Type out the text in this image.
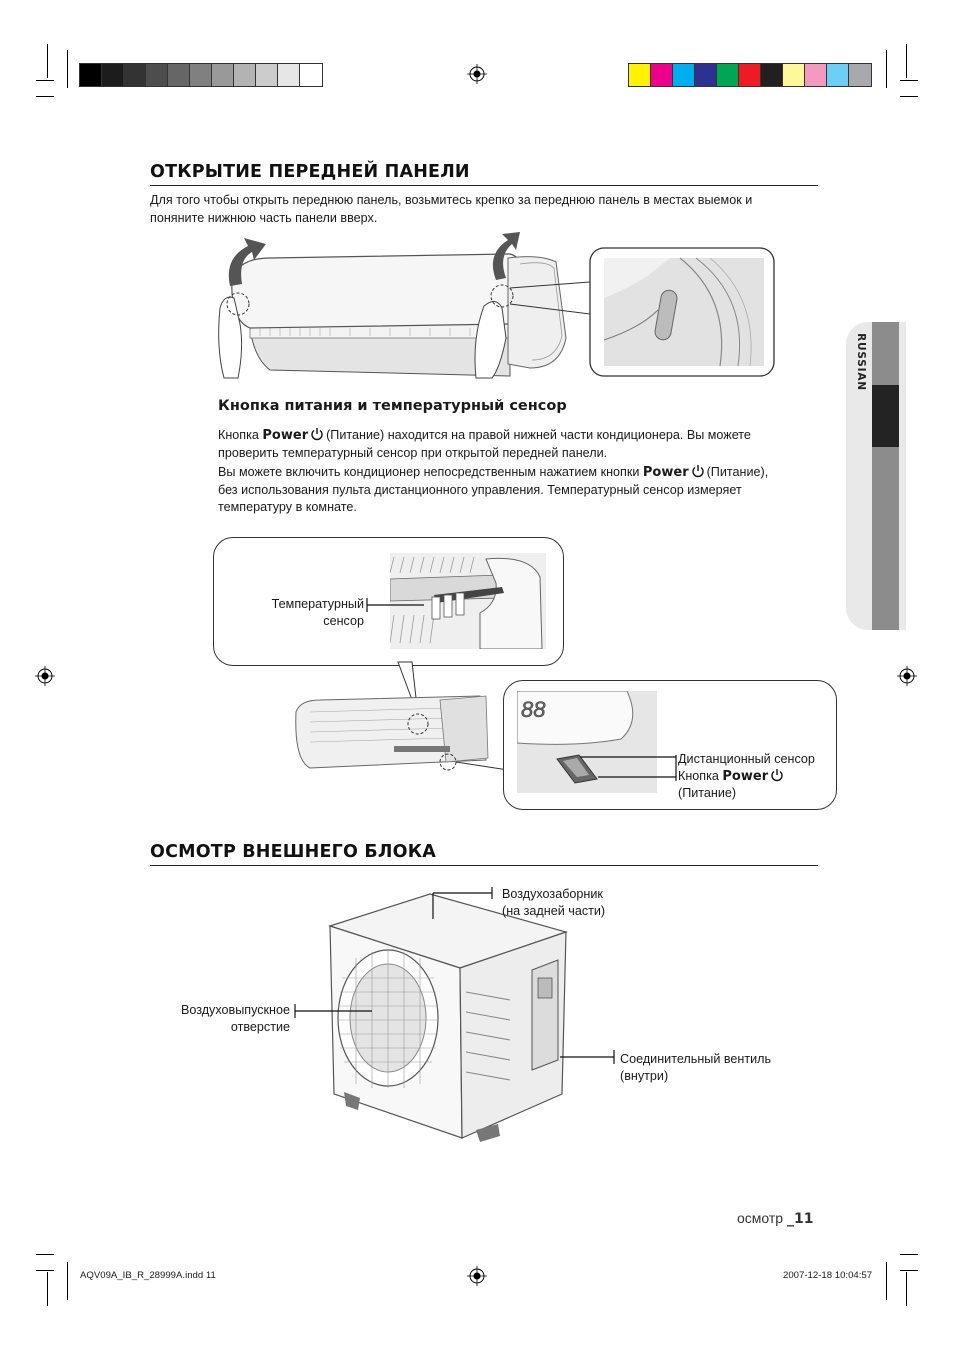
RUSSIAN
ОТКРЫТИЕ ПЕРЕДНЕЙ ПАНЕЛИ

Для того чтобы открыть переднюю панель, возьмитесь крепко за переднюю панель в местах выемок и
поняните нижнюю часть панели вверх.

Кнопка питания и температурный сенсор

Кнопка Power (Питание) находится на правой нижней части кондиционера. Вы можете
проверить температурный сенсор при открытой передней панели.

Вы можете включить кондиционер непосредственным нажатием кнопки Power (Питание),
без использования пульта дистанционного управления. Температурный сенсор измеряет
температуру в комнате.

Температурный
сенсор
88
Дистанционный сенсор
Кнопка Power

(Питание)
ОСМОТР ВНЕШНЕГО БЛОКА
Воздухозаборник
(на задней части)
Воздуховыпускное
отверстие
Соединительный вентиль
(внутри)
осмотр _11
AQV09A_IB_R_28999A.indd 11	2007-12-18 10:04:57
